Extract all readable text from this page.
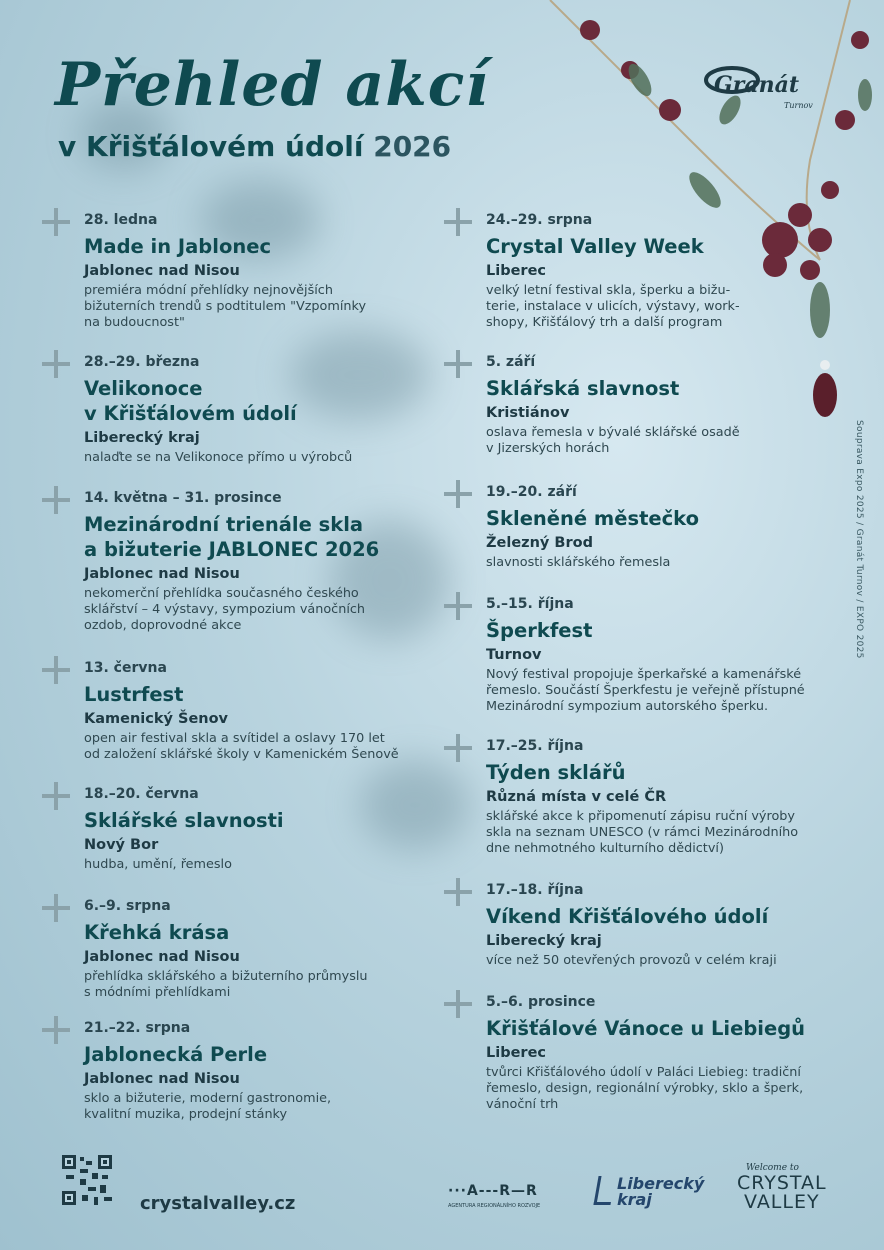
Přehled akcí
v Křišťálovém údolí 2026
Granát
Turnov
Souprava Expo 2025 / Granát Turnov / EXPO 2025
28. ledna
Made in Jablonec
Jablonec nad Nisou
premiéra módní přehlídky nejnovějších
bižuterních trendů s podtitulem "Vzpomínky
na budoucnost"
28.–29. března
Velikonoce
v Křišťálovém údolí
Liberecký kraj
nalaďte se na Velikonoce přímo u výrobců
14. května – 31. prosince
Mezinárodní trienále skla
a bižuterie JABLONEC 2026
Jablonec nad Nisou
nekomerční přehlídka současného českého
sklářství – 4 výstavy, sympozium vánočních
ozdob, doprovodné akce
13. června
Lustrfest
Kamenický Šenov
open air festival skla a svítidel a oslavy 170 let
od založení sklářské školy v Kamenickém Šenově
18.–20. června
Sklářské slavnosti
Nový Bor
hudba, umění, řemeslo
6.–9. srpna
Křehká krása
Jablonec nad Nisou
přehlídka sklářského a bižuterního průmyslu
s módními přehlídkami
21.–22. srpna
Jablonecká Perle
Jablonec nad Nisou
sklo a bižuterie, moderní gastronomie,
kvalitní muzika, prodejní stánky
24.–29. srpna
Crystal Valley Week
Liberec
velký letní festival skla, šperku a bižu-
terie, instalace v ulicích, výstavy, work-
shopy, Křišťálový trh a další program
5. září
Sklářská slavnost
Kristiánov
oslava řemesla v bývalé sklářské osadě
v Jizerských horách
19.–20. září
Skleněné městečko
Železný Brod
slavnosti sklářského řemesla
5.–15. října
Šperkfest
Turnov
Nový festival propojuje šperkařské a kamenářské
řemeslo. Součástí Šperkfestu je veřejně přístupné
Mezinárodní sympozium autorského šperku.
17.–25. října
Týden sklářů
Různá místa v celé ČR
sklářské akce k připomenutí zápisu ruční výroby
skla na seznam UNESCO (v rámci Mezinárodního
dne nehmotného kulturního dědictví)
17.–18. října
Víkend Křišťálového údolí
Liberecký kraj
více než 50 otevřených provozů v celém kraji
5.–6. prosince
Křišťálové Vánoce u Liebiegů
Liberec
tvůrci Křišťálového údolí v Paláci Liebieg: tradiční
řemeslo, design, regionální výrobky, sklo a šperk,
vánoční trh
crystalvalley.cz
···A---R—R
AGENTURA REGIONÁLNÍHO ROZVOJE
Liberecký
kraj
Welcome to
CRYSTAL
VALLEY
